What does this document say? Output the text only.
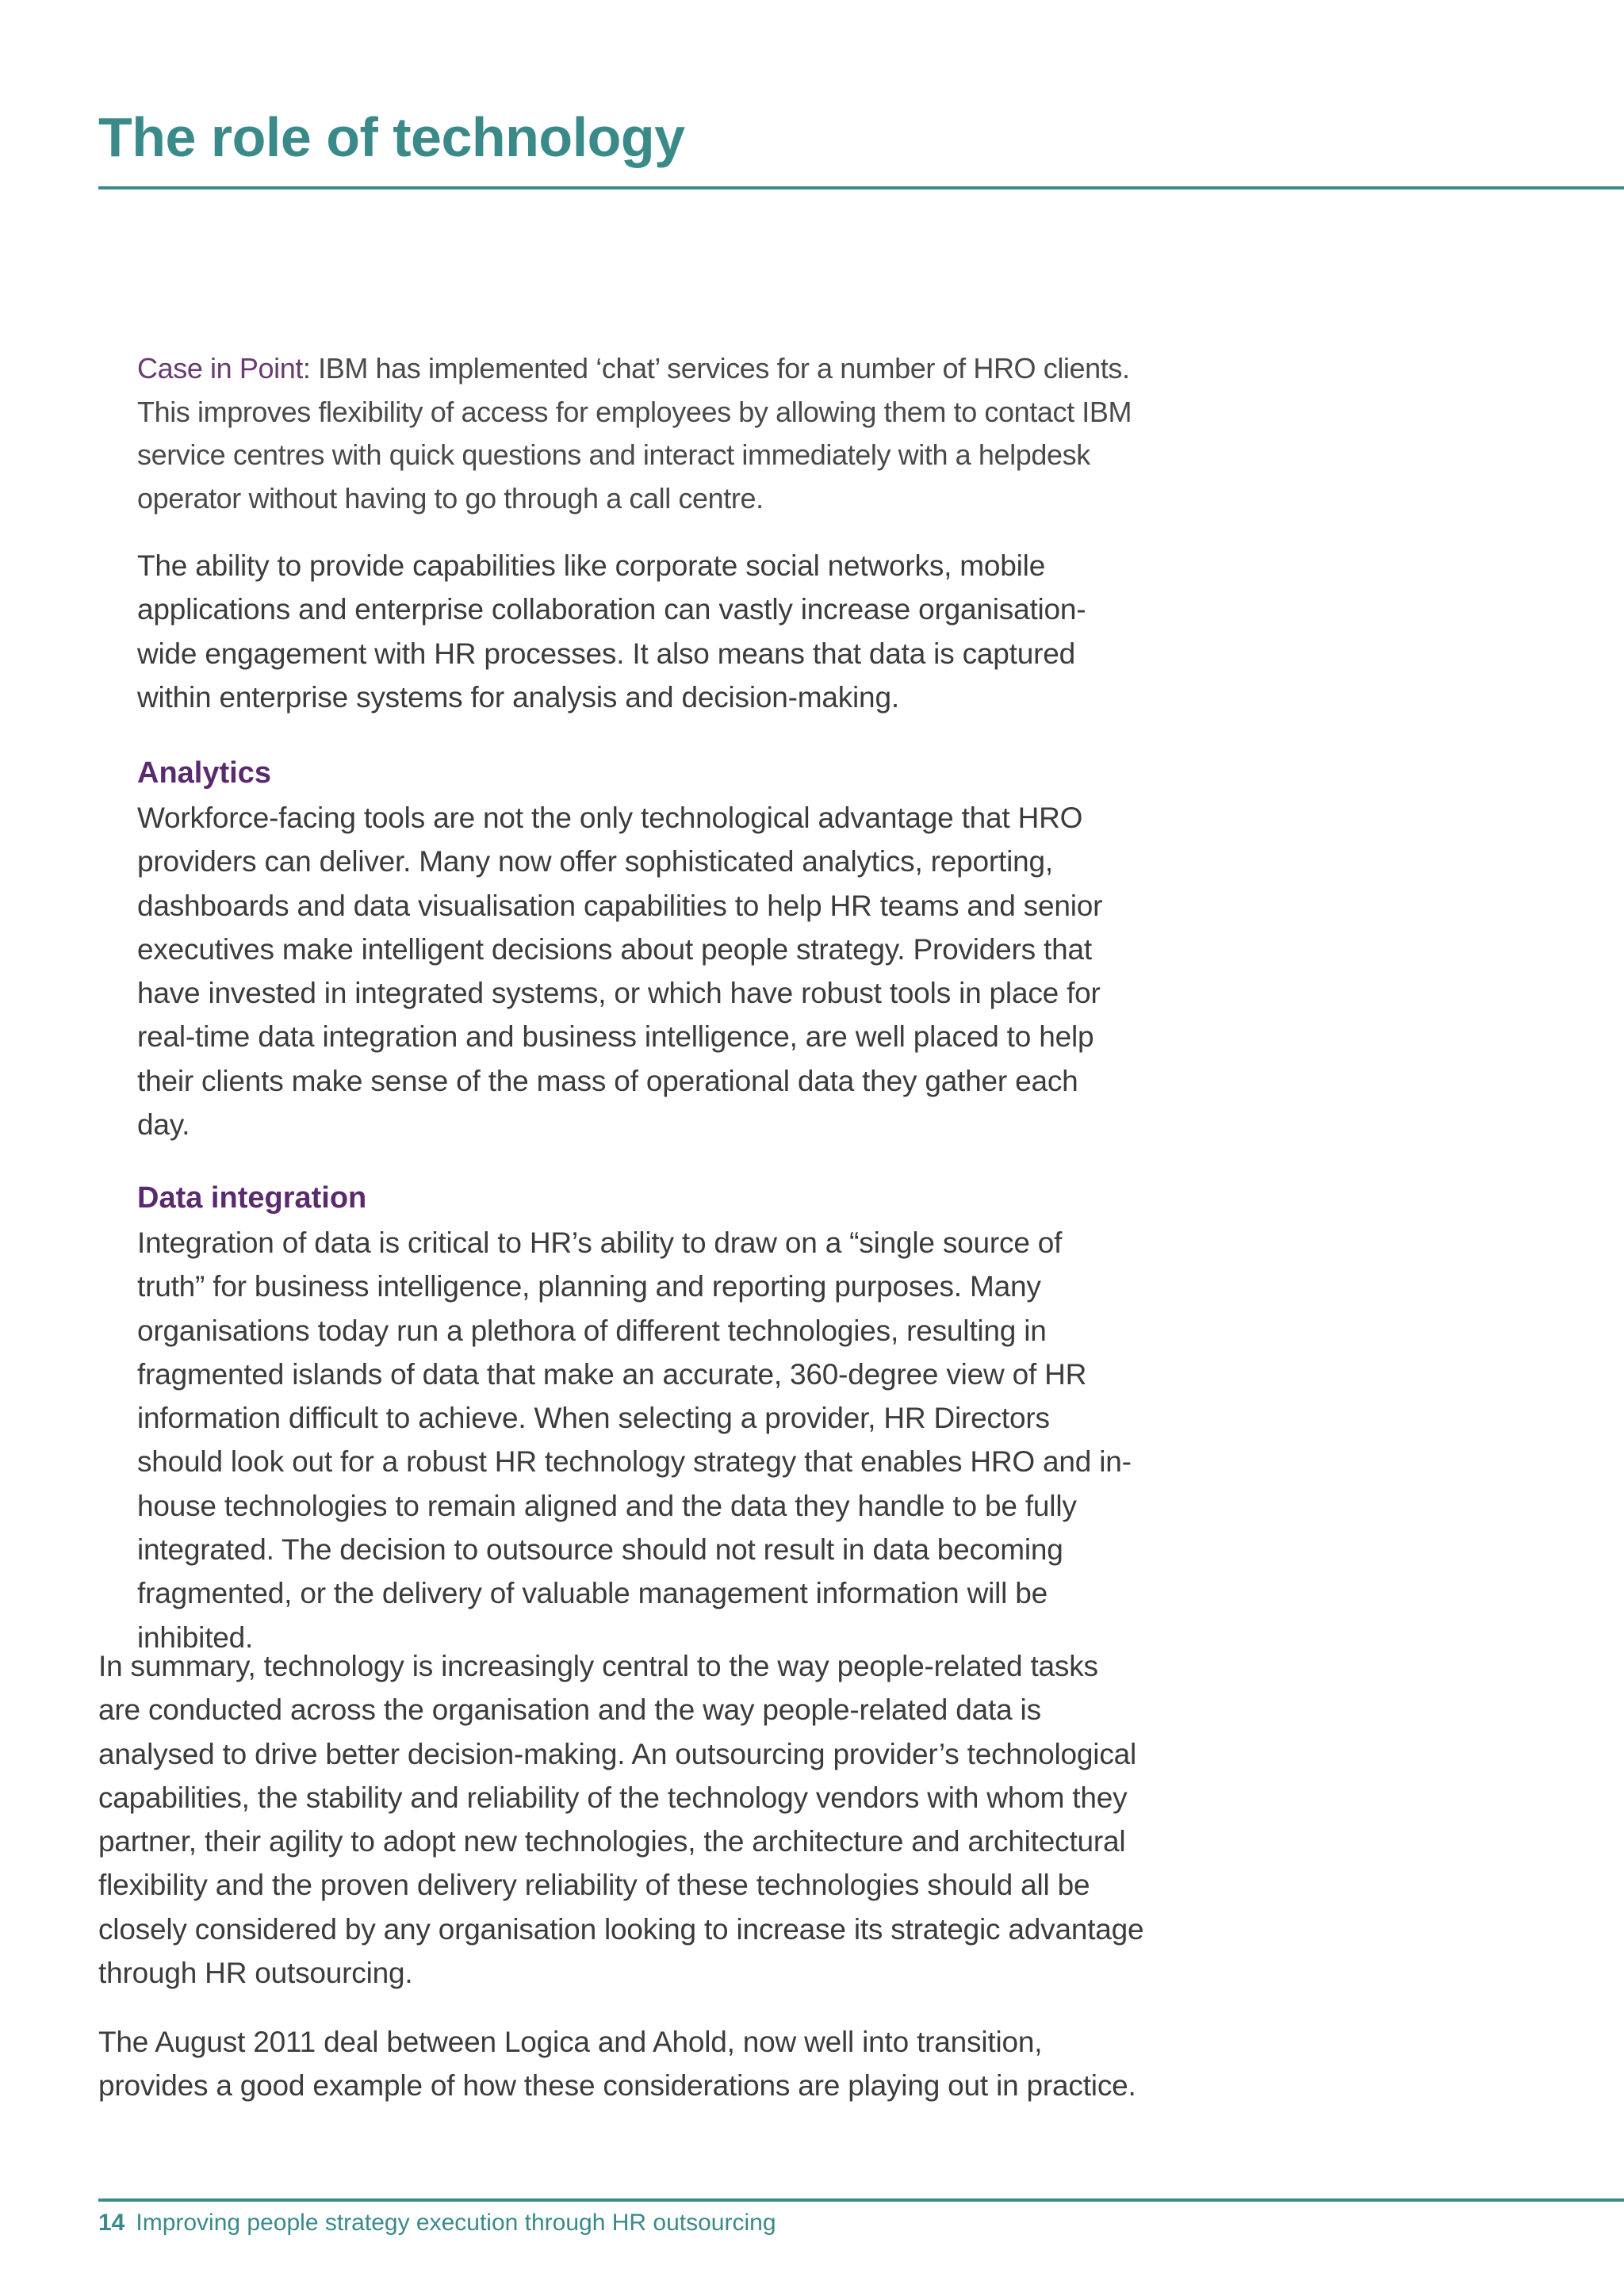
The role of technology

Case in Point: IBM has implemented ‘chat’ services for a number of HRO clients. This improves flexibility of access for employees by allowing them to contact IBM service centres with quick questions and interact immediately with a helpdesk operator without having to go through a call centre.

The ability to provide capabilities like corporate social networks, mobile applications and enterprise collaboration can vastly increase organisation-wide engagement with HR processes. It also means that data is captured within enterprise systems for analysis and decision-making.

Analytics

Workforce-facing tools are not the only technological advantage that HRO providers can deliver. Many now offer sophisticated analytics, reporting, dashboards and data visualisation capabilities to help HR teams and senior executives make intelligent decisions about people strategy. Providers that have invested in integrated systems, or which have robust tools in place for real-time data integration and business intelligence, are well placed to help their clients make sense of the mass of operational data they gather each day.

Data integration

Integration of data is critical to HR’s ability to draw on a “single source of truth” for business intelligence, planning and reporting purposes. Many organisations today run a plethora of different technologies, resulting in fragmented islands of data that make an accurate, 360-degree view of HR information difficult to achieve. When selecting a provider, HR Directors should look out for a robust HR technology strategy that enables HRO and in-house technologies to remain aligned and the data they handle to be fully integrated. The decision to outsource should not result in data becoming fragmented, or the delivery of valuable management information will be inhibited.

In summary, technology is increasingly central to the way people-related tasks are conducted across the organisation and the way people-related data is analysed to drive better decision-making. An outsourcing provider’s technological capabilities, the stability and reliability of the technology vendors with whom they partner, their agility to adopt new technologies, the architecture and architectural flexibility and the proven delivery reliability of these technologies should all be closely considered by any organisation looking to increase its strategic advantage through HR outsourcing.

The August 2011 deal between Logica and Ahold, now well into transition, provides a good example of how these considerations are playing out in practice.

14 Improving people strategy execution through HR outsourcing
